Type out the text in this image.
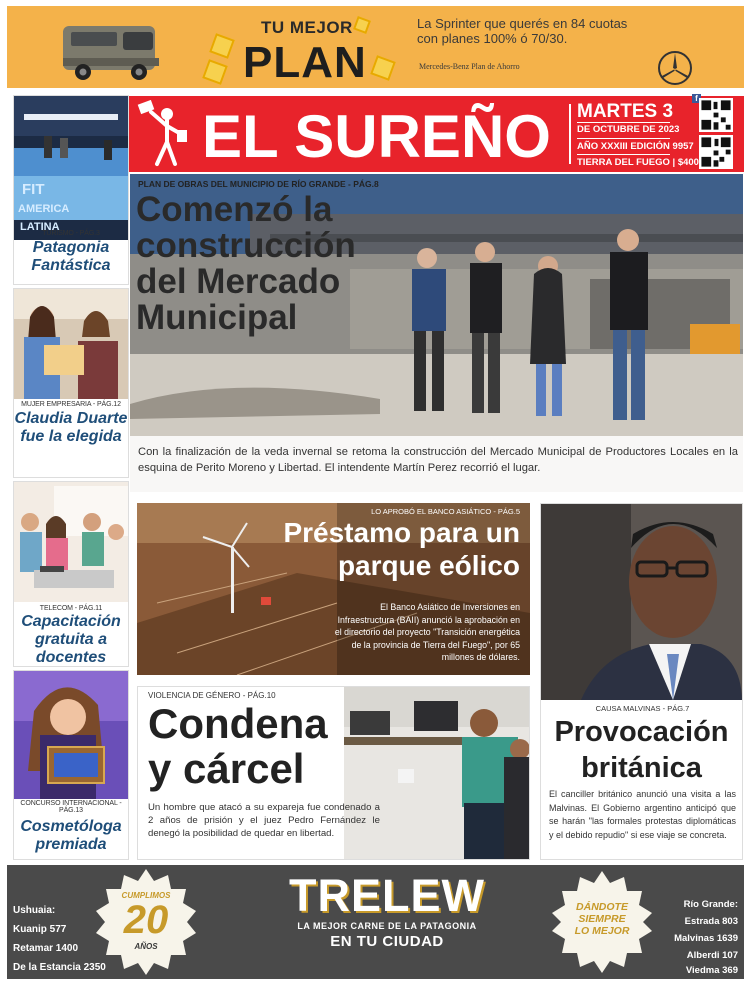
TU MEJOR
PLAN
La Sprinter que querés en 84 cuotas con planes 100% ó 70/30.
Mercedes-Benz Plan de Ahorro
EL SUREÑO MARTES 3
DE OCTUBRE DE 2023
AÑO XXXIII EDICIÓN 9957
TIERRA DEL FUEGO | $400
f
FIT
AMERICA
LATINA
TURISMO - PÁG.3
Patagonia Fantástica
MUJER EMPRESARIA - PÁG.12
Claudia Duarte fue la elegida
TELECOM - PÁG.11
Capacitación gratuita a docentes
CONCURSO INTERNACIONAL - PÁG.13
Cosmetóloga premiada
PLAN DE OBRAS DEL MUNICIPIO DE RÍO GRANDE - PÁG.8
Comenzó la construcción del Mercado Municipal
Con la finalización de la veda invernal se retoma la construcción del Mercado Municipal de Productores Locales en la esquina de Perito Moreno y Libertad. El intendente Martín Perez recorrió el lugar.
LO APROBÓ EL BANCO ASIÁTICO - PÁG.5
Préstamo para un parque eólico
El Banco Asiático de Inversiones en Infraestructura (BAII) anunció la aprobación en el directorio del proyecto "Transición energética de la provincia de Tierra del Fuego", por 65 millones de dólares.
VIOLENCIA DE GÉNERO - PÁG.10
Condena y cárcel
Un hombre que atacó a su expareja fue condenado a 2 años de prisión y el juez Pedro Fernández le denegó la posibilidad de quedar en libertad.
CAUSA MALVINAS - PÁG.7
Provocación británica
El canciller británico anunció una visita a las Malvinas. El Gobierno argentino anticipó que se harán "las formales protestas diplomáticas y el debido repudio" si ese viaje se concreta.
Ushuaia:
Kuanip 577
Retamar 1400
De la Estancia 2350
CUMPLIMOS
20
AÑOS
TRELEW
LA MEJOR CARNE DE LA PATAGONIA
EN TU CIUDAD
DÁNDOTE
SIEMPRE
LO MEJOR
Río Grande:
Estrada 803
Malvinas 1639
Alberdi 107
Viedma 369
